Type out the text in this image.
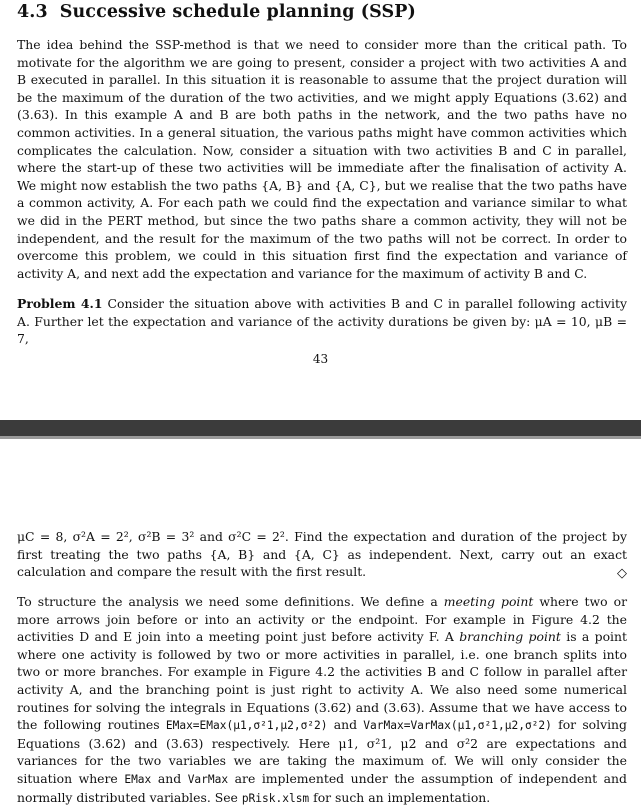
4.3 Successive schedule planning (SSP)

The idea behind the SSP-method is that we need to consider more than the critical path. To motivate for the algorithm we are going to present, consider a project with two activities A and B executed in parallel. In this situation it is reasonable to assume that the project duration will be the maximum of the duration of the two activities, and we might apply Equations (3.62) and (3.63). In this example A and B are both paths in the network, and the two paths have no common activities. In a general situation, the various paths might have common activities which complicates the calculation. Now, consider a situation with two activities B and C in parallel, where the start-up of these two activities will be immediate after the finalisation of activity A. We might now establish the two paths {A, B} and {A, C}, but we realise that the two paths have a common activity, A. For each path we could find the expectation and variance similar to what we did in the PERT method, but since the two paths share a common activity, they will not be independent, and the result for the maximum of the two paths will not be correct. In order to overcome this problem, we could in this situation first find the expectation and variance of activity A, and next add the expectation and variance for the maximum of activity B and C.

Problem 4.1 Consider the situation above with activities B and C in parallel following activity A. Further let the expectation and variance of the activity durations be given by: μA = 10, μB = 7,

43

μC = 8, σ²A = 2², σ²B = 3² and σ²C = 2². Find the expectation and duration of the project by first treating the two paths {A, B} and {A, C} as independent. Next, carry out an exact calculation and compare the result with the first result.	◇

To structure the analysis we need some definitions. We define a meeting point where two or more arrows join before or into an activity or the endpoint. For example in Figure 4.2 the activities D and E join into a meeting point just before activity F. A branching point is a point where one activity is followed by two or more activities in parallel, i.e. one branch splits into two or more branches. For example in Figure 4.2 the activities B and C follow in parallel after activity A, and the branching point is just right to activity A. We also need some numerical routines for solving the integrals in Equations (3.62) and (3.63). Assume that we have access to the following routines EMax=EMax(μ1,σ²1,μ2,σ²2) and VarMax=VarMax(μ1,σ²1,μ2,σ²2) for solving Equations (3.62) and (3.63) respectively. Here μ1, σ²1, μ2 and σ²2 are expectations and variances for the two variables we are taking the maximum of. We will only consider the situation where EMax and VarMax are implemented under the assumption of independent and normally distributed variables. See pRisk.xlsm for such an implementation.
